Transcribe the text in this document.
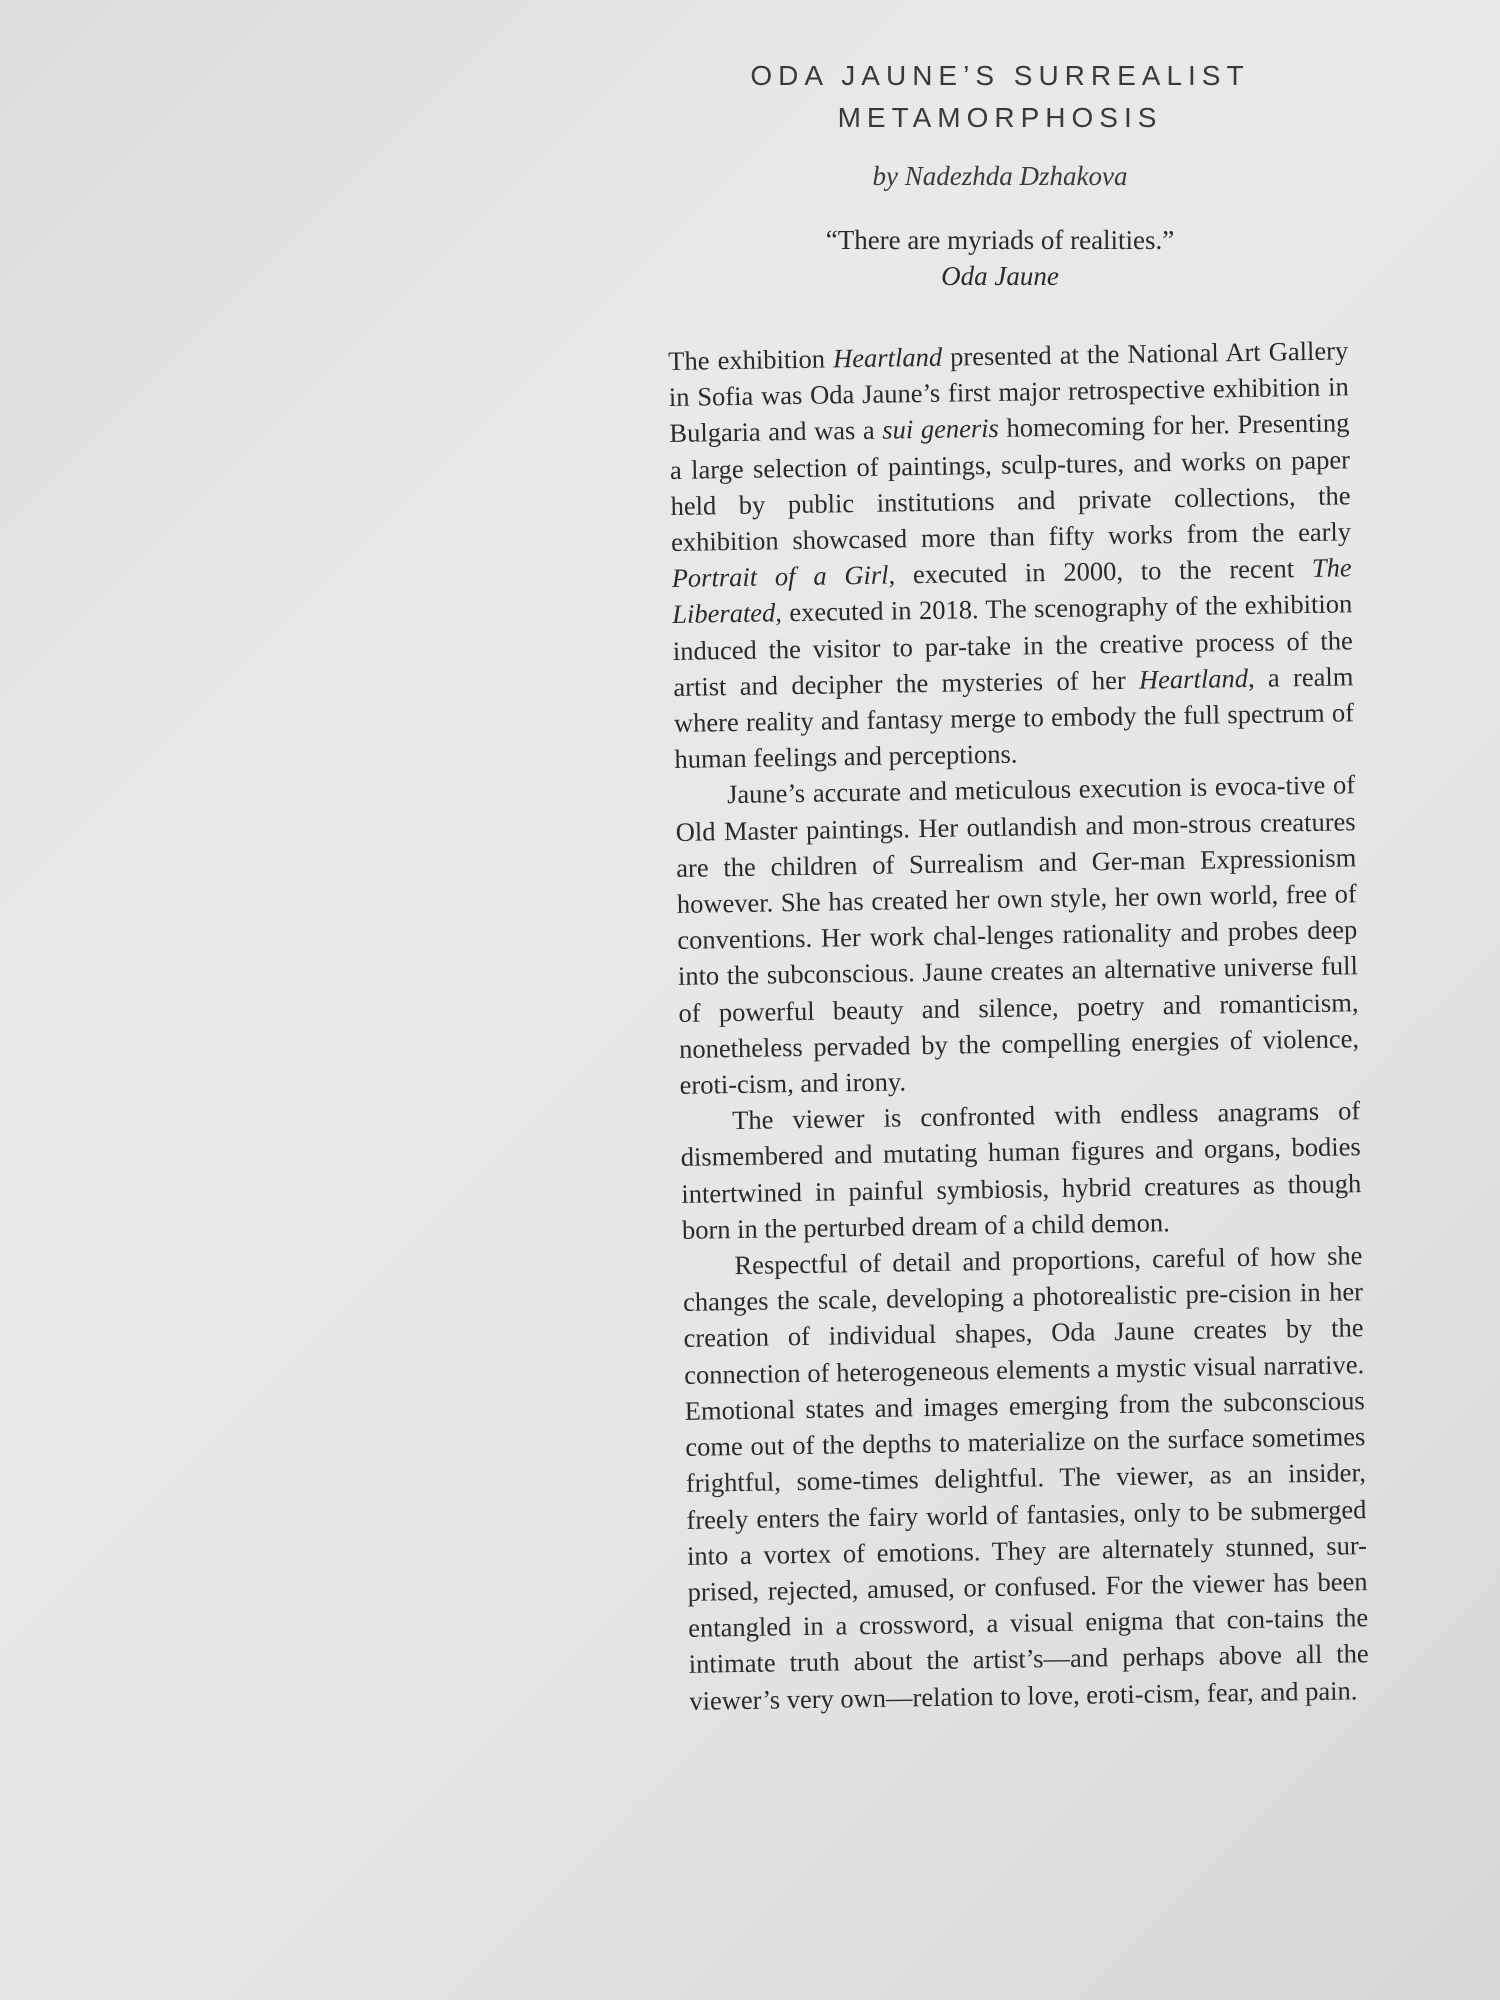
ODA JAUNE’S SURREALIST
METAMORPHOSIS
by Nadezhda Dzhakova
“There are myriads of realities.”
Oda Jaune

The exhibition Heartland presented at the National Art Gallery in Sofia was Oda Jaune’s first major retrospective exhibition in Bulgaria and was a sui generis homecoming for her. Presenting a large selection of paintings, sculp-tures, and works on paper held by public institutions and private collections, the exhibition showcased more than fifty works from the early Portrait of a Girl, executed in 2000, to the recent The Liberated, executed in 2018. The scenography of the exhibition induced the visitor to par-take in the creative process of the artist and decipher the mysteries of her Heartland, a realm where reality and fantasy merge to embody the full spectrum of human feelings and perceptions.

Jaune’s accurate and meticulous execution is evoca-tive of Old Master paintings. Her outlandish and mon-strous creatures are the children of Surrealism and Ger-man Expressionism however. She has created her own style, her own world, free of conventions. Her work chal-lenges rationality and probes deep into the subconscious. Jaune creates an alternative universe full of powerful beauty and silence, poetry and romanticism, nonetheless pervaded by the compelling energies of violence, eroti-cism, and irony.

The viewer is confronted with endless anagrams of dismembered and mutating human figures and organs, bodies intertwined in painful symbiosis, hybrid creatures as though born in the perturbed dream of a child demon.

Respectful of detail and proportions, careful of how she changes the scale, developing a photorealistic pre-cision in her creation of individual shapes, Oda Jaune creates by the connection of heterogeneous elements a mystic visual narrative. Emotional states and images emerging from the subconscious come out of the depths to materialize on the surface sometimes frightful, some-times delightful. The viewer, as an insider, freely enters the fairy world of fantasies, only to be submerged into a vortex of emotions. They are alternately stunned, sur-prised, rejected, amused, or confused. For the viewer has been entangled in a crossword, a visual enigma that con-tains the intimate truth about the artist’s—and perhaps above all the viewer’s very own—relation to love, eroti-cism, fear, and pain.
